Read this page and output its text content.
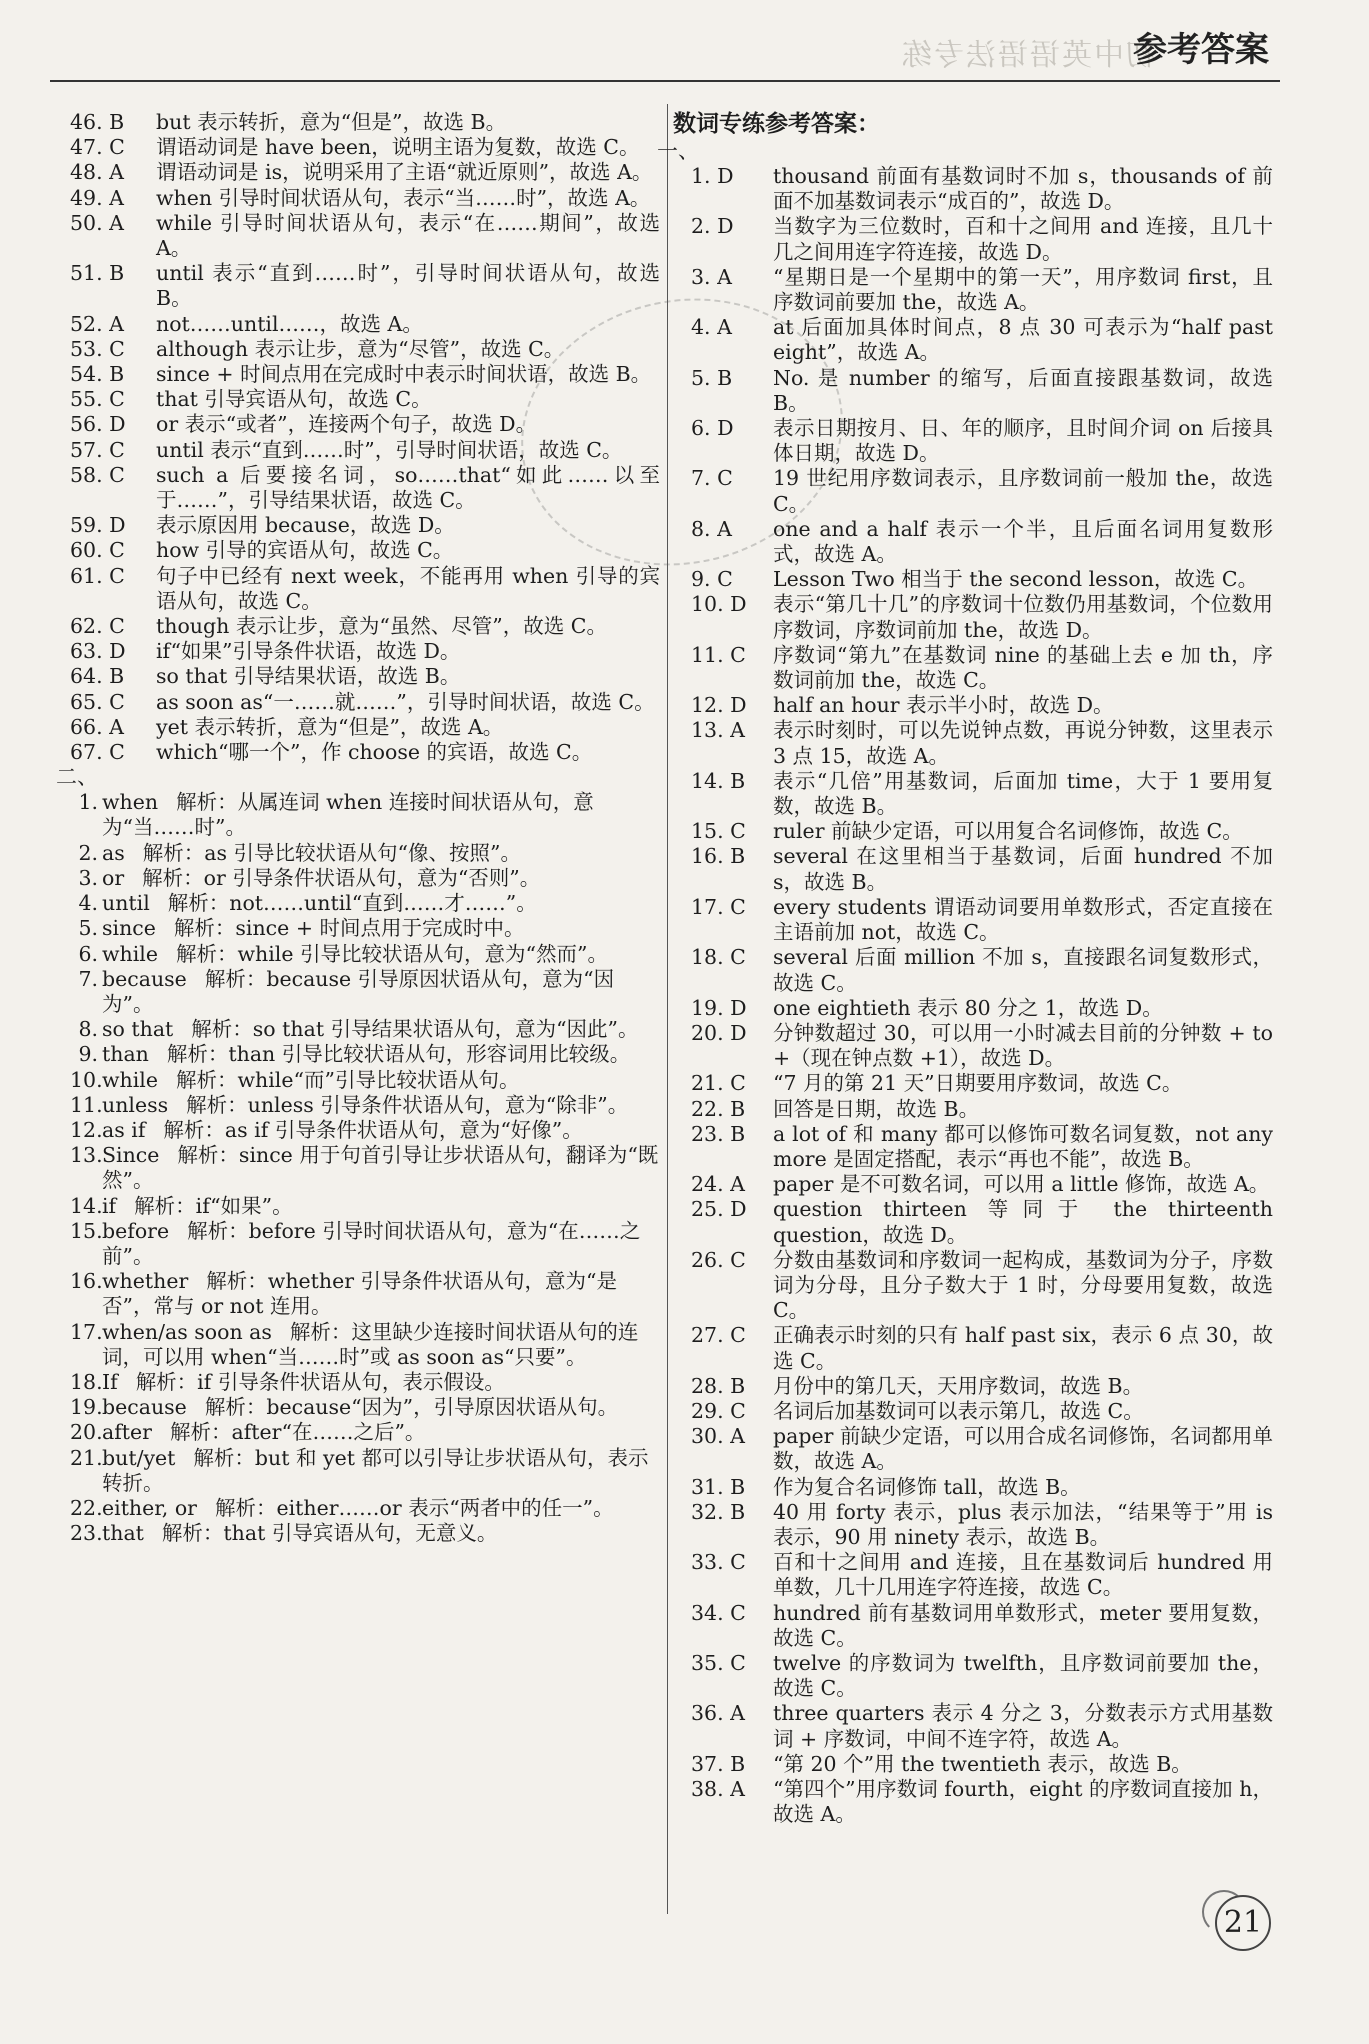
初中英语语法专练
参考答案
46. B	but 表示转折，意为“但是”，故选 B。
47. C	谓语动词是 have been，说明主语为复数，故选 C。
48. A	谓语动词是 is，说明采用了主语“就近原则”，故选 A。
49. A	when 引导时间状语从句，表示“当……时”，故选 A。
50. A	while 引导时间状语从句，表示“在……期间”，故选 A。
51. B	until 表示“直到……时”，引导时间状语从句，故选 B。
52. A	not……until……，故选 A。
53. C	although 表示让步，意为“尽管”，故选 C。
54. B	since + 时间点用在完成时中表示时间状语，故选 B。
55. C	that 引导宾语从句，故选 C。
56. D	or 表示“或者”，连接两个句子，故选 D。
57. C	until 表示“直到……时”，引导时间状语，故选 C。
58. C	such a 后要接名词，so……that“如此……以至于……”，引导结果状语，故选 C。
59. D	表示原因用 because，故选 D。
60. C	how 引导的宾语从句，故选 C。
61. C	句子中已经有 next week，不能再用 when 引导的宾语从句，故选 C。
62. C	though 表示让步，意为“虽然、尽管”，故选 C。
63. D	if“如果”引导条件状语，故选 D。
64. B	so that 引导结果状语，故选 B。
65. C	as soon as“一……就……”，引导时间状语，故选 C。
66. A	yet 表示转折，意为“但是”，故选 A。
67. C	which“哪一个”，作 choose 的宾语，故选 C。
二、
1. when 解析：从属连词 when 连接时间状语从句，意为“当……时”。
2. as 解析：as 引导比较状语从句“像、按照”。
3. or 解析：or 引导条件状语从句，意为“否则”。
4. until 解析：not……until“直到……才……”。
5. since 解析：since + 时间点用于完成时中。
6. while 解析：while 引导比较状语从句，意为“然而”。
7. because 解析：because 引导原因状语从句，意为“因为”。
8. so that 解析：so that 引导结果状语从句，意为“因此”。
9. than 解析：than 引导比较状语从句，形容词用比较级。
10. while 解析：while“而”引导比较状语从句。
11. unless 解析：unless 引导条件状语从句，意为“除非”。
12. as if 解析：as if 引导条件状语从句，意为“好像”。
13. Since 解析：since 用于句首引导让步状语从句，翻译为“既然”。
14. if 解析：if“如果”。
15. before 解析：before 引导时间状语从句，意为“在……之前”。
16. whether 解析：whether 引导条件状语从句，意为“是否”，常与 or not 连用。
17. when/as soon as 解析：这里缺少连接时间状语从句的连词，可以用 when“当……时”或 as soon as“只要”。
18. If 解析：if 引导条件状语从句，表示假设。
19. because 解析：because“因为”，引导原因状语从句。
20. after 解析：after“在……之后”。
21. but/yet 解析：but 和 yet 都可以引导让步状语从句，表示转折。
22. either, or 解析：either……or 表示“两者中的任一”。
23. that 解析：that 引导宾语从句，无意义。
数词专练参考答案：
一、
1. D	thousand 前面有基数词时不加 s，thousands of 前面不加基数词表示“成百的”，故选 D。
2. D	当数字为三位数时，百和十之间用 and 连接，且几十几之间用连字符连接，故选 D。
3. A	“星期日是一个星期中的第一天”，用序数词 first，且序数词前要加 the，故选 A。
4. A	at 后面加具体时间点，8 点 30 可表示为“half past eight”，故选 A。
5. B	No. 是 number 的缩写，后面直接跟基数词，故选 B。
6. D	表示日期按月、日、年的顺序，且时间介词 on 后接具体日期，故选 D。
7. C	19 世纪用序数词表示，且序数词前一般加 the，故选 C。
8. A	one and a half 表示一个半，且后面名词用复数形式，故选 A。
9. C	Lesson Two 相当于 the second lesson，故选 C。
10. D	表示“第几十几”的序数词十位数仍用基数词，个位数用序数词，序数词前加 the，故选 D。
11. C	序数词“第九”在基数词 nine 的基础上去 e 加 th，序数词前加 the，故选 C。
12. D	half an hour 表示半小时，故选 D。
13. A	表示时刻时，可以先说钟点数，再说分钟数，这里表示 3 点 15，故选 A。
14. B	表示“几倍”用基数词，后面加 time，大于 1 要用复数，故选 B。
15. C	ruler 前缺少定语，可以用复合名词修饰，故选 C。
16. B	several 在这里相当于基数词，后面 hundred 不加 s，故选 B。
17. C	every students 谓语动词要用单数形式，否定直接在主语前加 not，故选 C。
18. C	several 后面 million 不加 s，直接跟名词复数形式，故选 C。
19. D	one eightieth 表示 80 分之 1，故选 D。
20. D	分钟数超过 30，可以用一小时减去目前的分钟数 + to +（现在钟点数 +1），故选 D。
21. C	“7 月的第 21 天”日期要用序数词，故选 C。
22. B	回答是日期，故选 B。
23. B	a lot of 和 many 都可以修饰可数名词复数，not any more 是固定搭配，表示“再也不能”，故选 B。
24. A	paper 是不可数名词，可以用 a little 修饰，故选 A。
25. D	question thirteen 等同于 the thirteenth question，故选 D。
26. C	分数由基数词和序数词一起构成，基数词为分子，序数词为分母，且分子数大于 1 时，分母要用复数，故选 C。
27. C	正确表示时刻的只有 half past six，表示 6 点 30，故选 C。
28. B	月份中的第几天，天用序数词，故选 B。
29. C	名词后加基数词可以表示第几，故选 C。
30. A	paper 前缺少定语，可以用合成名词修饰，名词都用单数，故选 A。
31. B	作为复合名词修饰 tall，故选 B。
32. B	40 用 forty 表示，plus 表示加法，“结果等于”用 is 表示，90 用 ninety 表示，故选 B。
33. C	百和十之间用 and 连接，且在基数词后 hundred 用单数，几十几用连字符连接，故选 C。
34. C	hundred 前有基数词用单数形式，meter 要用复数，故选 C。
35. C	twelve 的序数词为 twelfth，且序数词前要加 the，故选 C。
36. A	three quarters 表示 4 分之 3，分数表示方式用基数词 + 序数词，中间不连字符，故选 A。
37. B	“第 20 个”用 the twentieth 表示，故选 B。
38. A	“第四个”用序数词 fourth，eight 的序数词直接加 h，故选 A。
21
